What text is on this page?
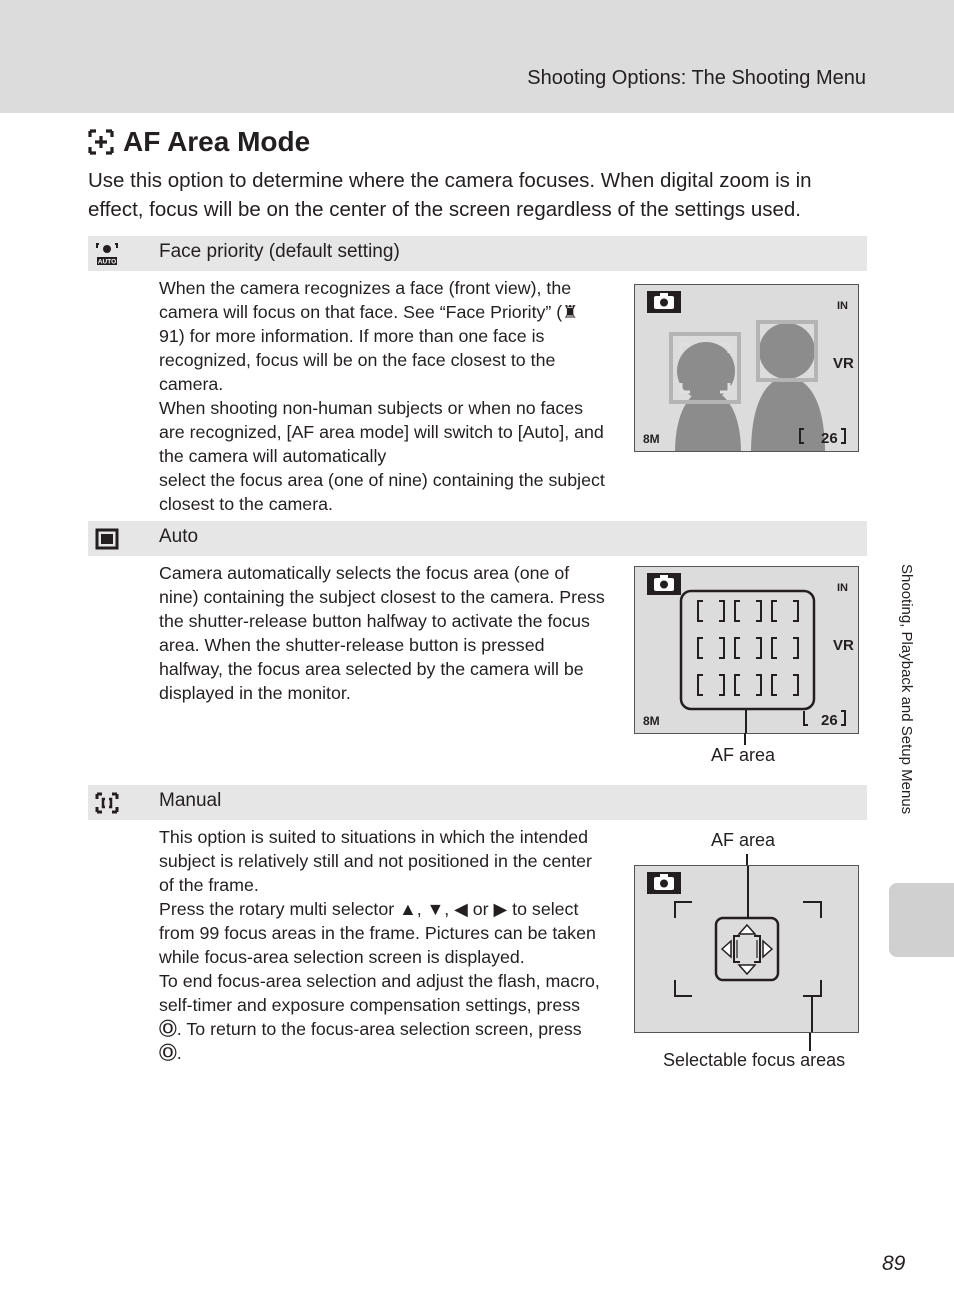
Shooting Options: The Shooting Menu
AF Area Mode
Use this option to determine where the camera focuses. When digital zoom is in effect, focus will be on the center of the screen regardless of the settings used.
AUTO
Face priority (default setting)

When the camera recognizes a face (front view), the camera will focus on that face. See “Face Priority” (♜ 91) for more information. If more than one face is recognized, focus will be on the face closest to the camera.

When shooting non-human subjects or when no faces are recognized, [AF area mode] will switch to [Auto], and the camera will automatically

select the focus area (one of nine) containing the subject closest to the camera.

IN
VR
8M	26
Auto

Camera automatically selects the focus area (one of nine) containing the subject closest to the camera. Press the shutter-release button halfway to activate the focus area. When the shutter-release button is pressed halfway, the focus area selected by the camera will be displayed in the monitor.

IN
VR
8M	26
AF area
Manual

This option is suited to situations in which the intended subject is relatively still and not positioned in the center of the frame.

Press the rotary multi selector ▲, ▼, ◀ or ▶ to select from 99 focus areas in the frame. Pictures can be taken while focus-area selection screen is displayed.

To end focus-area selection and adjust the flash, macro, self-timer and exposure compensation settings, press Ⓞ. To return to the focus-area selection screen, press Ⓞ.

AF area
Selectable focus areas
Shooting, Playback and Setup Menus
89
